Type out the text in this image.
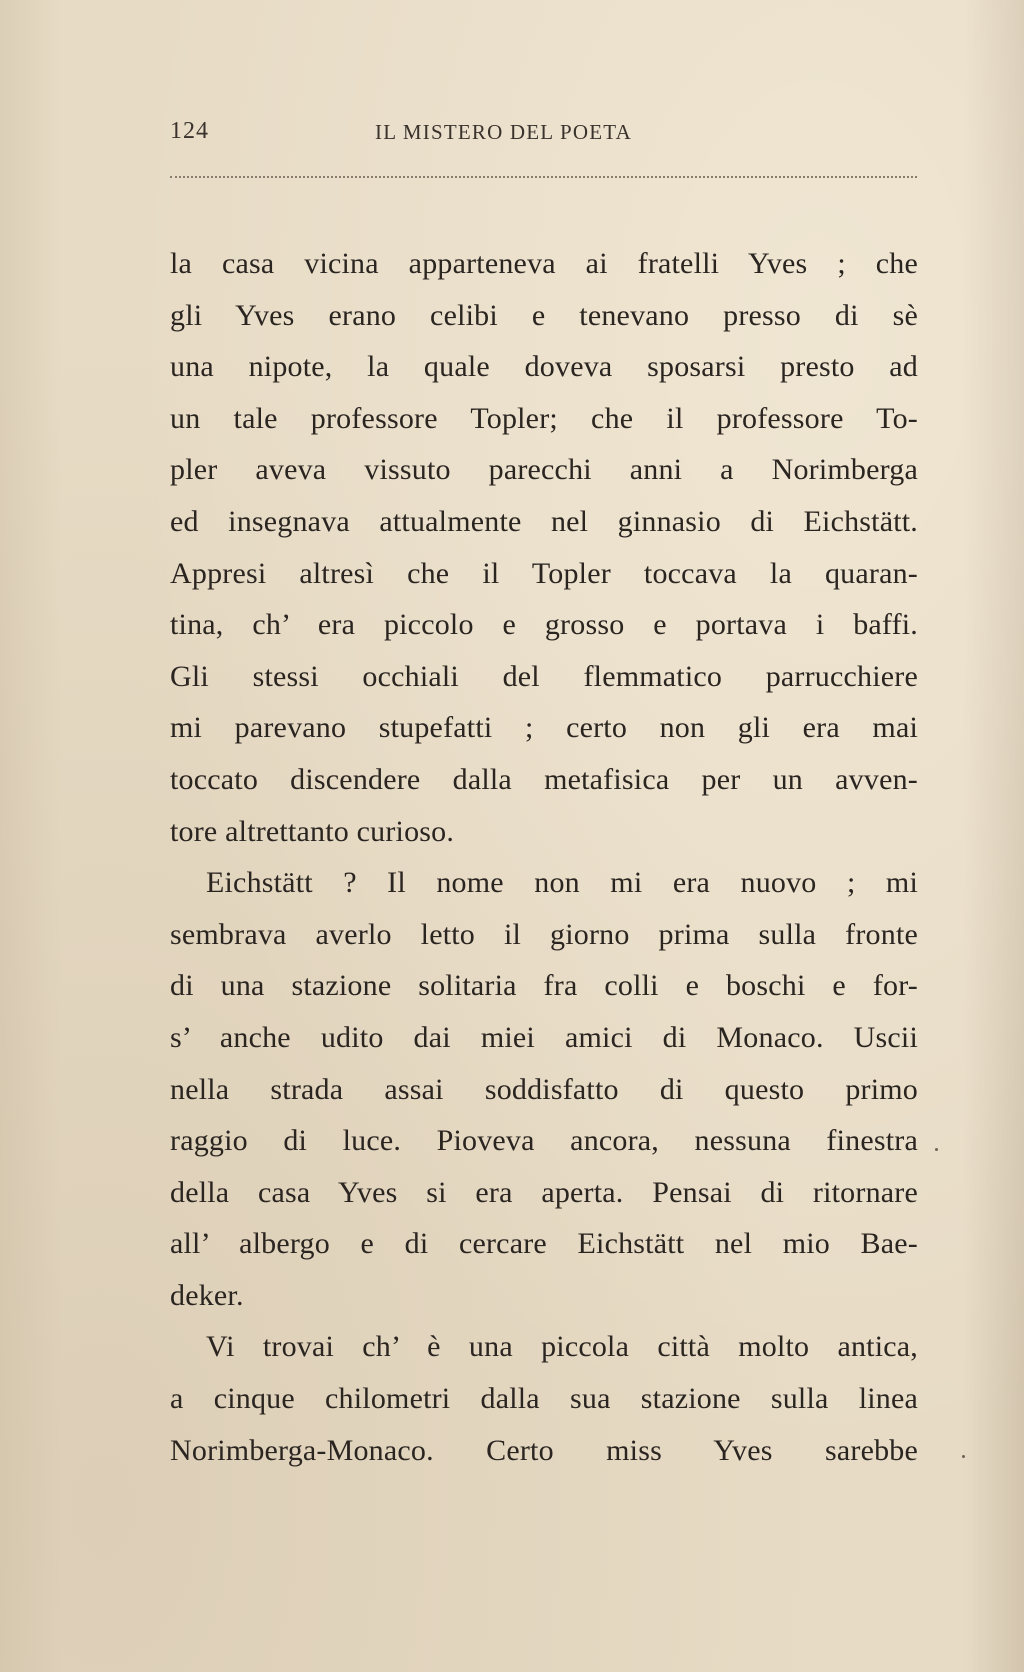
124	IL MISTERO DEL POETA
la casa vicina apparteneva ai fratelli Yves ; che
gli Yves erano celibi e tenevano presso di sè
una nipote, la quale doveva sposarsi presto ad
un tale professore Topler; che il professore To-
pler aveva vissuto parecchi anni a Norimberga
ed insegnava attualmente nel ginnasio di Eichstätt.
Appresi altresì che il Topler toccava la quaran-
tina, ch’ era piccolo e grosso e portava i baffi.
Gli stessi occhiali del flemmatico parrucchiere
mi parevano stupefatti ; certo non gli era mai
toccato discendere dalla metafisica per un avven-
tore altrettanto curioso.
Eichstätt ? Il nome non mi era nuovo ; mi
sembrava averlo letto il giorno prima sulla fronte
di una stazione solitaria fra colli e boschi e for-
s’ anche udito dai miei amici di Monaco. Uscii
nella strada assai soddisfatto di questo primo
raggio di luce. Pioveva ancora, nessuna finestra
della casa Yves si era aperta. Pensai di ritornare
all’ albergo e di cercare Eichstätt nel mio Bae-
deker.
Vi trovai ch’ è una piccola città molto antica,
a cinque chilometri dalla sua stazione sulla linea
Norimberga-Monaco. Certo miss Yves sarebbe
